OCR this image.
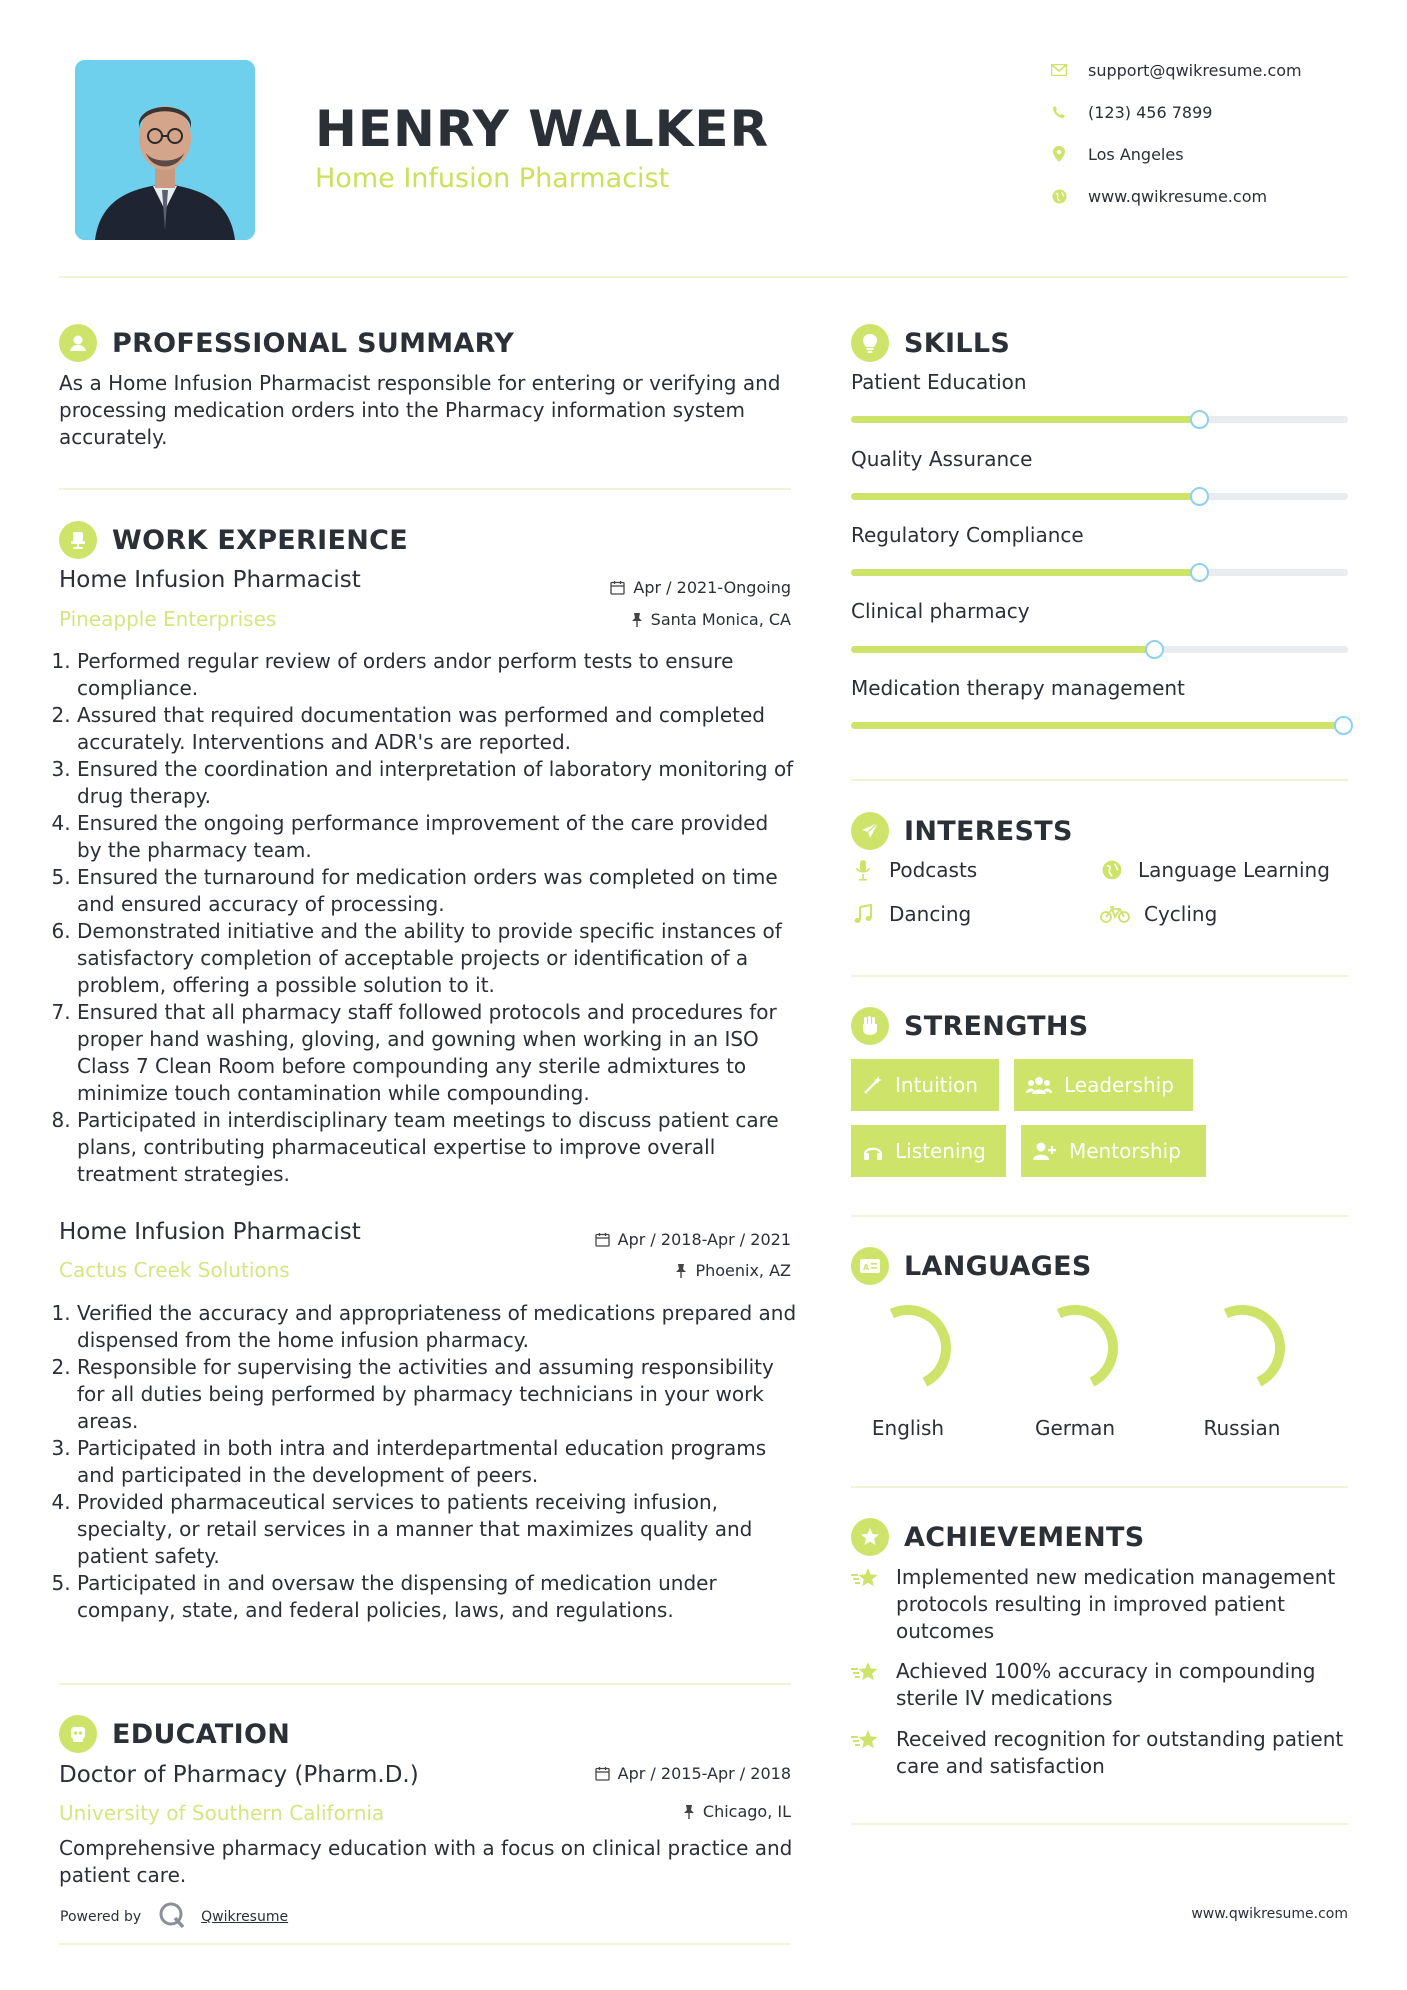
HENRY WALKER
Home Infusion Pharmacist
support@qwikresume.com
(123) 456 7899
Los Angeles
www.qwikresume.com
PROFESSIONAL SUMMARY
As a Home Infusion Pharmacist responsible for entering or verifying and processing medication orders into the Pharmacy information system accurately.
WORK EXPERIENCE
Home Infusion Pharmacist
Pineapple Enterprises
Apr / 2021-Ongoing
Santa Monica, CA
1. Performed regular review of orders andor perform tests to ensure compliance.
2. Assured that required documentation was performed and completed accurately. Interventions and ADR's are reported.
3. Ensured the coordination and interpretation of laboratory monitoring of drug therapy.
4. Ensured the ongoing performance improvement of the care provided by the pharmacy team.
5. Ensured the turnaround for medication orders was completed on time and ensured accuracy of processing.
6. Demonstrated initiative and the ability to provide specific instances of satisfactory completion of acceptable projects or identification of a problem, offering a possible solution to it.
7. Ensured that all pharmacy staff followed protocols and procedures for proper hand washing, gloving, and gowning when working in an ISO Class 7 Clean Room before compounding any sterile admixtures to minimize touch contamination while compounding.
8. Participated in interdisciplinary team meetings to discuss patient care plans, contributing pharmaceutical expertise to improve overall treatment strategies.
Home Infusion Pharmacist
Cactus Creek Solutions
Apr / 2018-Apr / 2021
Phoenix, AZ
1. Verified the accuracy and appropriateness of medications prepared and dispensed from the home infusion pharmacy.
2. Responsible for supervising the activities and assuming responsibility for all duties being performed by pharmacy technicians in your work areas.
3. Participated in both intra and interdepartmental education programs and participated in the development of peers.
4. Provided pharmaceutical services to patients receiving infusion, specialty, or retail services in a manner that maximizes quality and patient safety.
5. Participated in and oversaw the dispensing of medication under company, state, and federal policies, laws, and regulations.
EDUCATION
Doctor of Pharmacy (Pharm.D.)
University of Southern California
Apr / 2015-Apr / 2018
Chicago, IL
Comprehensive pharmacy education with a focus on clinical practice and patient care.
SKILLS
Patient Education
Quality Assurance
Regulatory Compliance
Clinical pharmacy
Medication therapy management
INTERESTS
Podcasts	Language Learning
Dancing	Cycling
STRENGTHS
Intuition	Leadership
Listening	Mentorship
A LANGUAGES
English	German	Russian
ACHIEVEMENTS
Implemented new medication management protocols resulting in improved patient outcomes
Achieved 100% accuracy in compounding sterile IV medications
Received recognition for outstanding patient care and satisfaction
Powered by	Qwikresume	www.qwikresume.com
